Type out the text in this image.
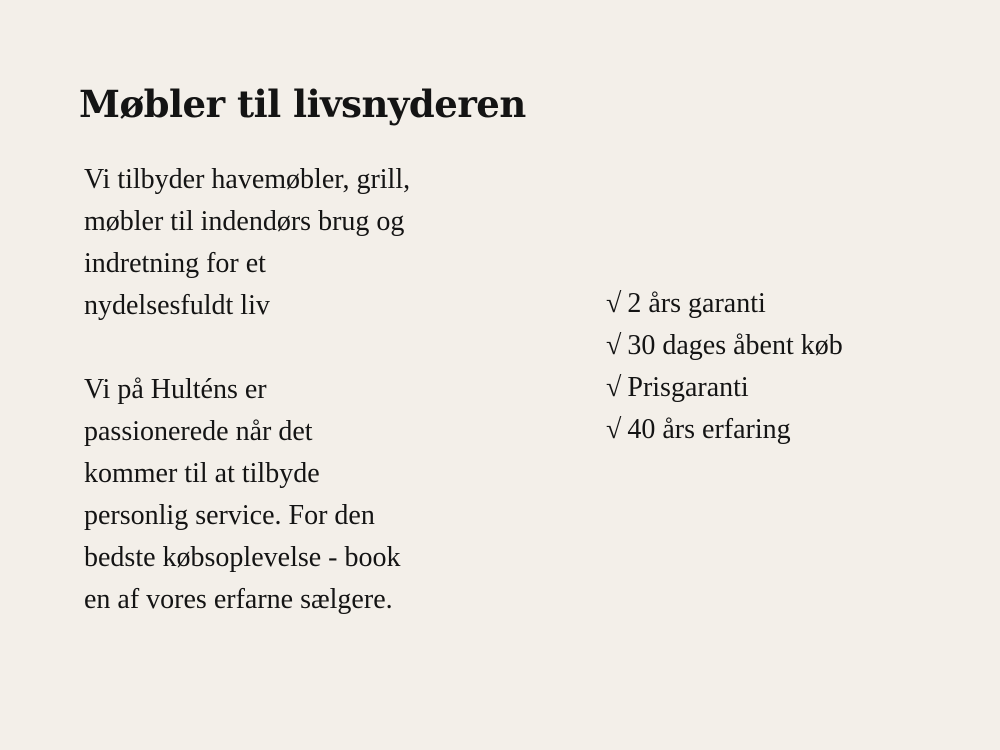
Møbler til livsnyderen

Vi tilbyder havemøbler, grill,
møbler til indendørs brug og
indretning for et
nydelsesfuldt liv

Vi på Hulténs er
passionerede når det
kommer til at tilbyde
personlig service. For den
bedste købsoplevelse - book
en af vores erfarne sælgere.

√ 2 års garanti
√ 30 dages åbent køb
√ Prisgaranti
√ 40 års erfaring
